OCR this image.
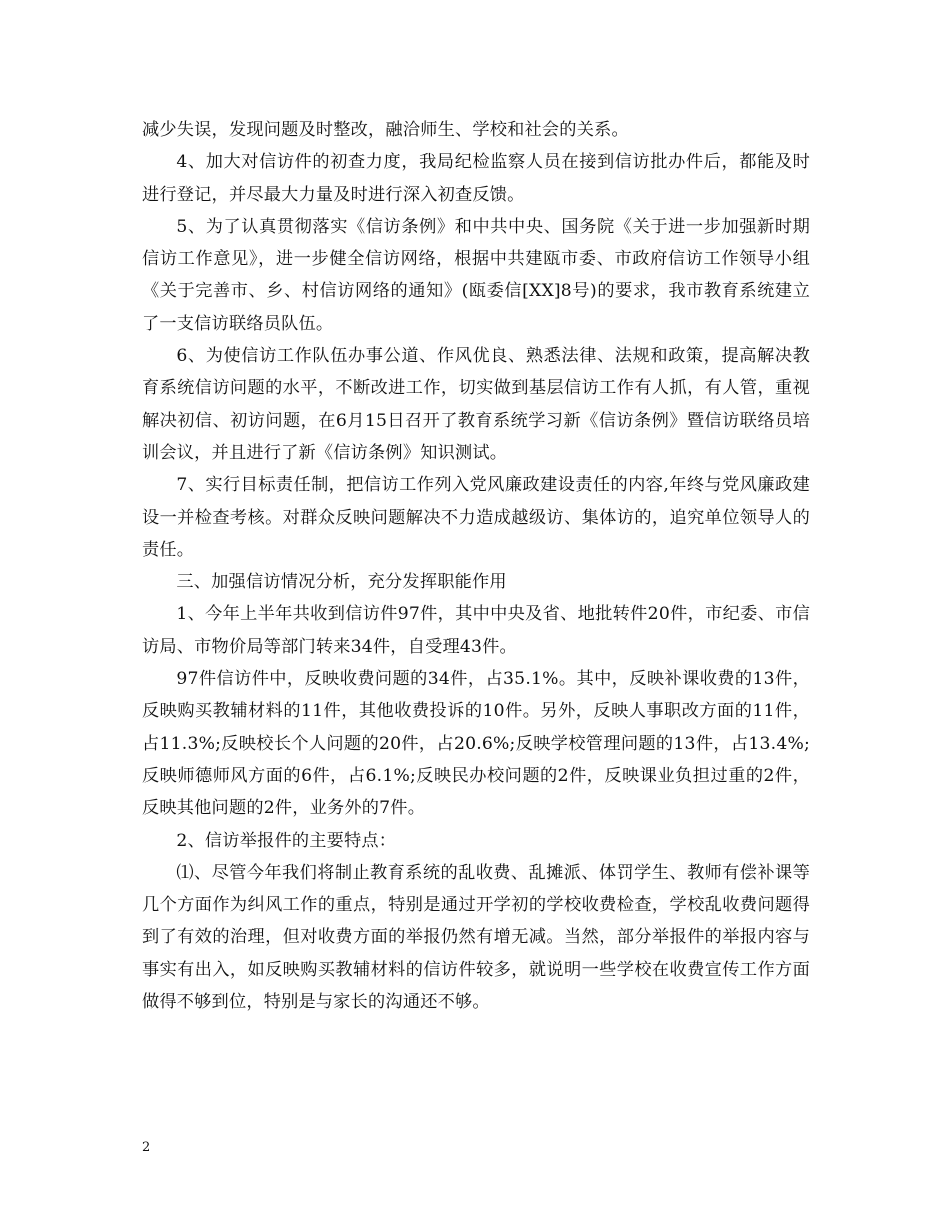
减少失误，发现问题及时整改，融洽师生、学校和社会的关系。

4、加大对信访件的初查力度，我局纪检监察人员在接到信访批办件后，都能及时进行登记，并尽最大力量及时进行深入初查反馈。

5、为了认真贯彻落实《信访条例》和中共中央、国务院《关于进一步加强新时期信访工作意见》，进一步健全信访网络，根据中共建瓯市委、市政府信访工作领导小组《关于完善市、乡、村信访网络的通知》(瓯委信[XX]8号)的要求，我市教育系统建立了一支信访联络员队伍。

6、为使信访工作队伍办事公道、作风优良、熟悉法律、法规和政策，提高解决教育系统信访问题的水平，不断改进工作，切实做到基层信访工作有人抓，有人管，重视解决初信、初访问题，在6月15日召开了教育系统学习新《信访条例》暨信访联络员培训会议，并且进行了新《信访条例》知识测试。

7、实行目标责任制，把信访工作列入党风廉政建设责任的内容,年终与党风廉政建设一并检查考核。对群众反映问题解决不力造成越级访、集体访的，追究单位领导人的责任。

三、加强信访情况分析，充分发挥职能作用

1、今年上半年共收到信访件97件，其中中央及省、地批转件20件，市纪委、市信访局、市物价局等部门转来34件，自受理43件。

97件信访件中，反映收费问题的34件，占35.1%。其中，反映补课收费的13件，反映购买教辅材料的11件，其他收费投诉的10件。另外，反映人事职改方面的11件，占11.3%;反映校长个人问题的20件，占20.6%;反映学校管理问题的13件，占13.4%;反映师德师风方面的6件，占6.1%;反映民办校问题的2件，反映课业负担过重的2件，反映其他问题的2件，业务外的7件。

2、信访举报件的主要特点：

⑴、尽管今年我们将制止教育系统的乱收费、乱摊派、体罚学生、教师有偿补课等几个方面作为纠风工作的重点，特别是通过开学初的学校收费检查，学校乱收费问题得到了有效的治理，但对收费方面的举报仍然有增无减。当然，部分举报件的举报内容与事实有出入，如反映购买教辅材料的信访件较多，就说明一些学校在收费宣传工作方面做得不够到位，特别是与家长的沟通还不够。

2
